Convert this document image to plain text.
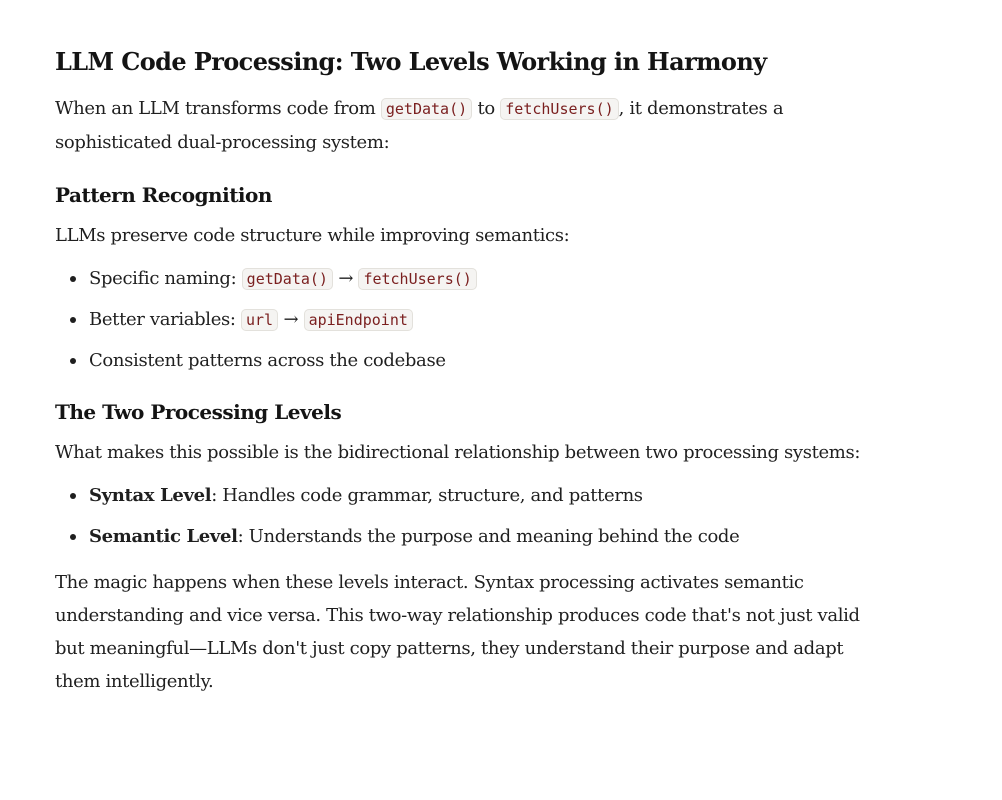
LLM Code Processing: Two Levels Working in Harmony

When an LLM transforms code from getData() to fetchUsers() , it demonstrates a sophisticated dual-processing system:

Pattern Recognition

LLMs preserve code structure while improving semantics:

Specific naming: getData() → fetchUsers()
Better variables: url → apiEndpoint
Consistent patterns across the codebase
The Two Processing Levels

What makes this possible is the bidirectional relationship between two processing systems:

Syntax Level: Handles code grammar, structure, and patterns
Semantic Level: Understands the purpose and meaning behind the code

The magic happens when these levels interact. Syntax processing activates semantic understanding and vice versa. This two-way relationship produces code that's not just valid but meaningful—LLMs don't just copy patterns, they understand their purpose and adapt them intelligently.
